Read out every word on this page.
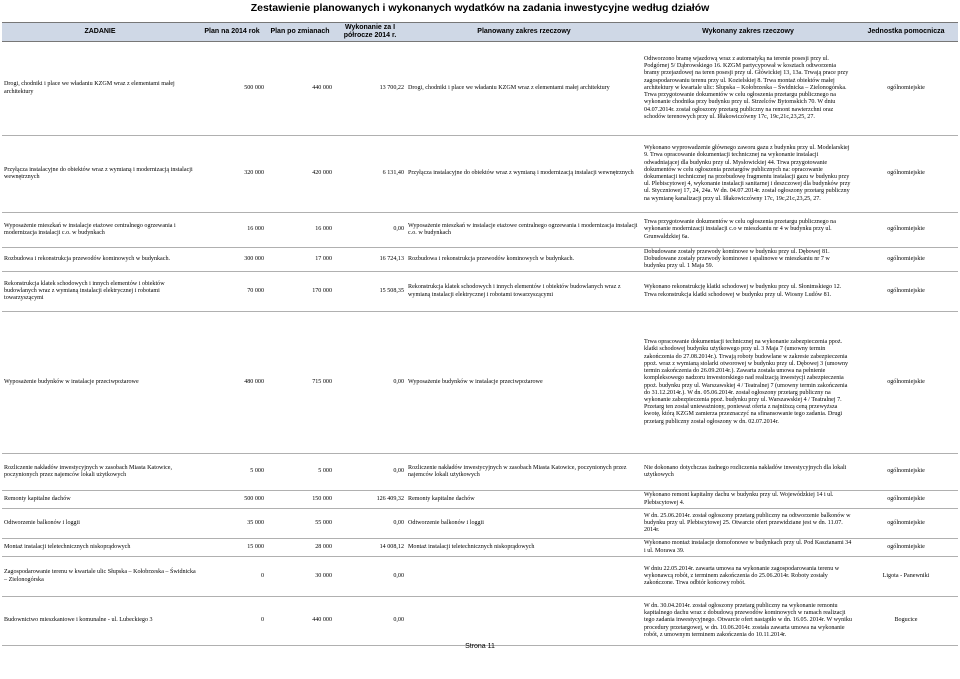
Zestawienie planowanych i wykonanych wydatków na zadania inwestycyjne według działów
ZADANIE	Plan na 2014 rok	Plan po zmianach	Wykonanie za I półrocze 2014 r.	Planowany zakres rzeczowy	Wykonany zakres rzeczowy	Jednostka pomocnicza
Drogi, chodniki i place we władaniu KZGM wraz z elementami małej architektury	500 000	440 000	13 700,22	Drogi, chodniki i place we władaniu KZGM wraz z elementami małej architektury	Odtworzono bramę wjazdową wraz z automatyką na terenie posesji przy ul. Podgórnej 5/ Dąbrowskiego 16. KZGM partycypował w kosztach odtworzenia bramy przejazdowej na teren posesji przy ul. Główickiej 13, 13a. Trwają prace przy zagospodarowaniu terenu przy ul. Kozielskiej 8. Trwa montaż obiektów małej architektury w kwartale ulic: Słupska – Kołobrzeska – Świdnicka – Zielonogórska. Trwa przygotowanie dokumentów w celu ogłoszenia przetargu publicznego na wykonanie chodnika przy budynku przy ul. Strzelców Bytomskich 70. W dniu 04.07.2014r. został ogłoszony przetarg publiczny na remont nawierzchni oraz schodów terenowych przy ul. Iłłakowiczówny 17c, 19c,21c,23,25, 27.	ogólnomiejskie
Przyłącza instalacyjne do obiektów wraz z wymianą i modernizacją instalacji wewnętrznych	320 000	420 000	6 131,40	Przyłącza instalacyjne do obiektów wraz z wymianą i modernizacją instalacji wewnętrznych	Wykonano wyprowadzenie głównego zaworu gazu z budynku przy ul. Modelarskiej 9. Trwa opracowanie dokumentacji technicznej na wykonanie instalacji odwadniającej dla budynku przy ul. Mysłowickiej 44. Trwa przygotowanie dokumentów w celu ogłoszenia przetargów publicznych na: opracowanie dokumentacji technicznej na przebudowę fragmentu instalacji gazu w budynku przy ul. Plebiscytowej 4, wykonanie instalacji sanitarnej i deszczowej dla budynków przy ul. Styczniowej 17, 24, 24a. W dn. 04.07.2014r. został ogłoszony przetarg publiczny na wymianę kanalizacji przy ul. Iłłakowiczówny 17c, 19c,21c,23,25, 27.	ogólnomiejskie
Wyposażenie mieszkań w instalacje etażowe centralnego ogrzewania i modernizacja instalacji c.o. w budynkach	16 000	16 000	0,00	Wyposażenie mieszkań w instalacje etażowe centralnego ogrzewania i modernizacja instalacji c.o. w budynkach	Trwa przygotowanie dokumentów w celu ogłoszenia przetargu publicznego na wykonanie modernizacji instalacji c.o w mieszkaniu nr 4 w budynku przy ul. Grunwaldzkiej 6a.	ogólnomiejskie
Rozbudowa i rekonstrukcja przewodów kominowych w budynkach.	300 000	17 000	16 724,13	Rozbudowa i rekonstrukcja przewodów kominowych w budynkach.	Dobudowane zostały przewody kominowe w budynku przy ul. Dębowej 81. Dobudowane zostały przewody kominowe i spalinowe w mieszkaniu nr 7 w budynku przy ul. 1 Maja 59.	ogólnomiejskie
Rekonstrukcja klatek schodowych i innych elementów i obiektów budowlanych wraz z wymianą instalacji elektrycznej i robotami towarzyszącymi	70 000	170 000	15 508,35	Rekonstrukcja klatek schodowych i innych elementów i obiektów budowlanych wraz z wymianą instalacji elektrycznej i robotami towarzyszącymi	Wykonano rekonstrukcję klatki schodowej w budynku przy ul. Słonimskiego 12. Trwa rekonstrukcja klatki schodowej w budynku przy ul. Wiosny Ludów 81.	ogólnomiejskie
Wyposażenie budynków w instalacje przeciwpożarowe	480 000	715 000	0,00	Wyposażenie budynków w instalacje przeciwpożarowe	Trwa opracowanie dokumentacji technicznej na wykonanie zabezpieczenia ppoż. klatki schodowej budynku użytkowego przy ul. 3 Maja 7 (umowny termin zakończenia do 27.08.2014r.). Trwają roboty budowlane w zakresie zabezpieczenia ppoż. wraz z wymianą stolarki otworowej w budynku przy ul. Dębowej 3 (umowny termin zakończenia do 26.09.2014r.). Zawarta została umowa na pełnienie kompleksowego nadzoru inwestorskiego nad realizacją inwestycji zabezpieczenia ppoż. budynku przy ul. Warszawskiej 4 / Teatralnej 7 (umowny termin zakończenia do 31.12.2014r.). W dn. 05.06.2014r. został ogłoszony przetarg publiczny na wykonanie zabezpieczenia ppoż. budynku przy ul. Warszawskiej 4 / Teatralnej 7. Przetarg ten został unieważniony, ponieważ oferta z najniższą ceną przewyższa kwotę, którą KZGM zamierza przeznaczyć na sfinansowanie tego zadania. Drugi przetarg publiczny został ogłoszony w dn. 02.07.2014r.	ogólnomiejskie
Rozliczenie nakładów inwestycyjnych w zasobach Miasta Katowice, poczynionych przez najemców lokali użytkowych	5 000	5 000	0,00	Rozliczenie nakładów inwestycyjnych w zasobach Miasta Katowice, poczynionych przez najemców lokali użytkowych	Nie dokonano dotychczas żadnego rozliczenia nakładów inwestycyjnych dla lokali użytkowych	ogólnomiejskie
Remonty kapitalne dachów	500 000	150 000	126 409,32	Remonty kapitalne dachów	Wykonano remont kapitalny dachu w budynku przy ul. Wojewódzkiej 14 i ul. Plebiscytowej 4.	ogólnomiejskie
Odtworzenie balkonów i loggii	35 000	55 000	0,00	Odtworzenie balkonów i loggii	W dn. 25.06.2014r. został ogłoszony przetarg publiczny na odtworzenie balkonów w budynku przy ul. Plebiscytowej 25. Otwarcie ofert przewidziane jest w dn. 11.07. 2014r.	ogólnomiejskie
Montaż instalacji teletechnicznych niskoprądowych	15 000	28 000	14 008,12	Montaż instalacji teletechnicznych niskoprądowych	Wykonano montaż instalacje domofonowe w budynkach przy ul. Pod Kasztanami 34 i ul. Morawa 39.	ogólnomiejskie
Zagospodarowanie terenu w kwartale ulic Słupska – Kołobrzeska – Świdnicka – Zielonogórska	0	30 000	0,00		W dniu 22.05.2014r. zawarta umowa na wykonanie zagospodarowania terenu w wykonawcą robót, z terminem zakończenia do 25.06.2014r. Roboty zostały zakończone. Trwa odbiór końcowy robót.	Ligota - Panewniki
Budownictwo mieszkaniowe i komunalne - ul. Lubeckiego 3	0	440 000	0,00		W dn. 30.04.2014r. został ogłoszony przetarg publiczny na wykonanie remontu kapitalnego dachu wraz z dobudową przewodów kominowych w ramach realizacji tego zadania inwestycyjnego. Otwarcie ofert nastąpiło w dn. 16.05. 2014r. W wyniku procedury przetargowej, w dn. 10.06.2014r. została zawarta umowa na wykonanie robót, z umownym terminem zakończenia do 10.11.2014r.	Bogucice
Strona 11
